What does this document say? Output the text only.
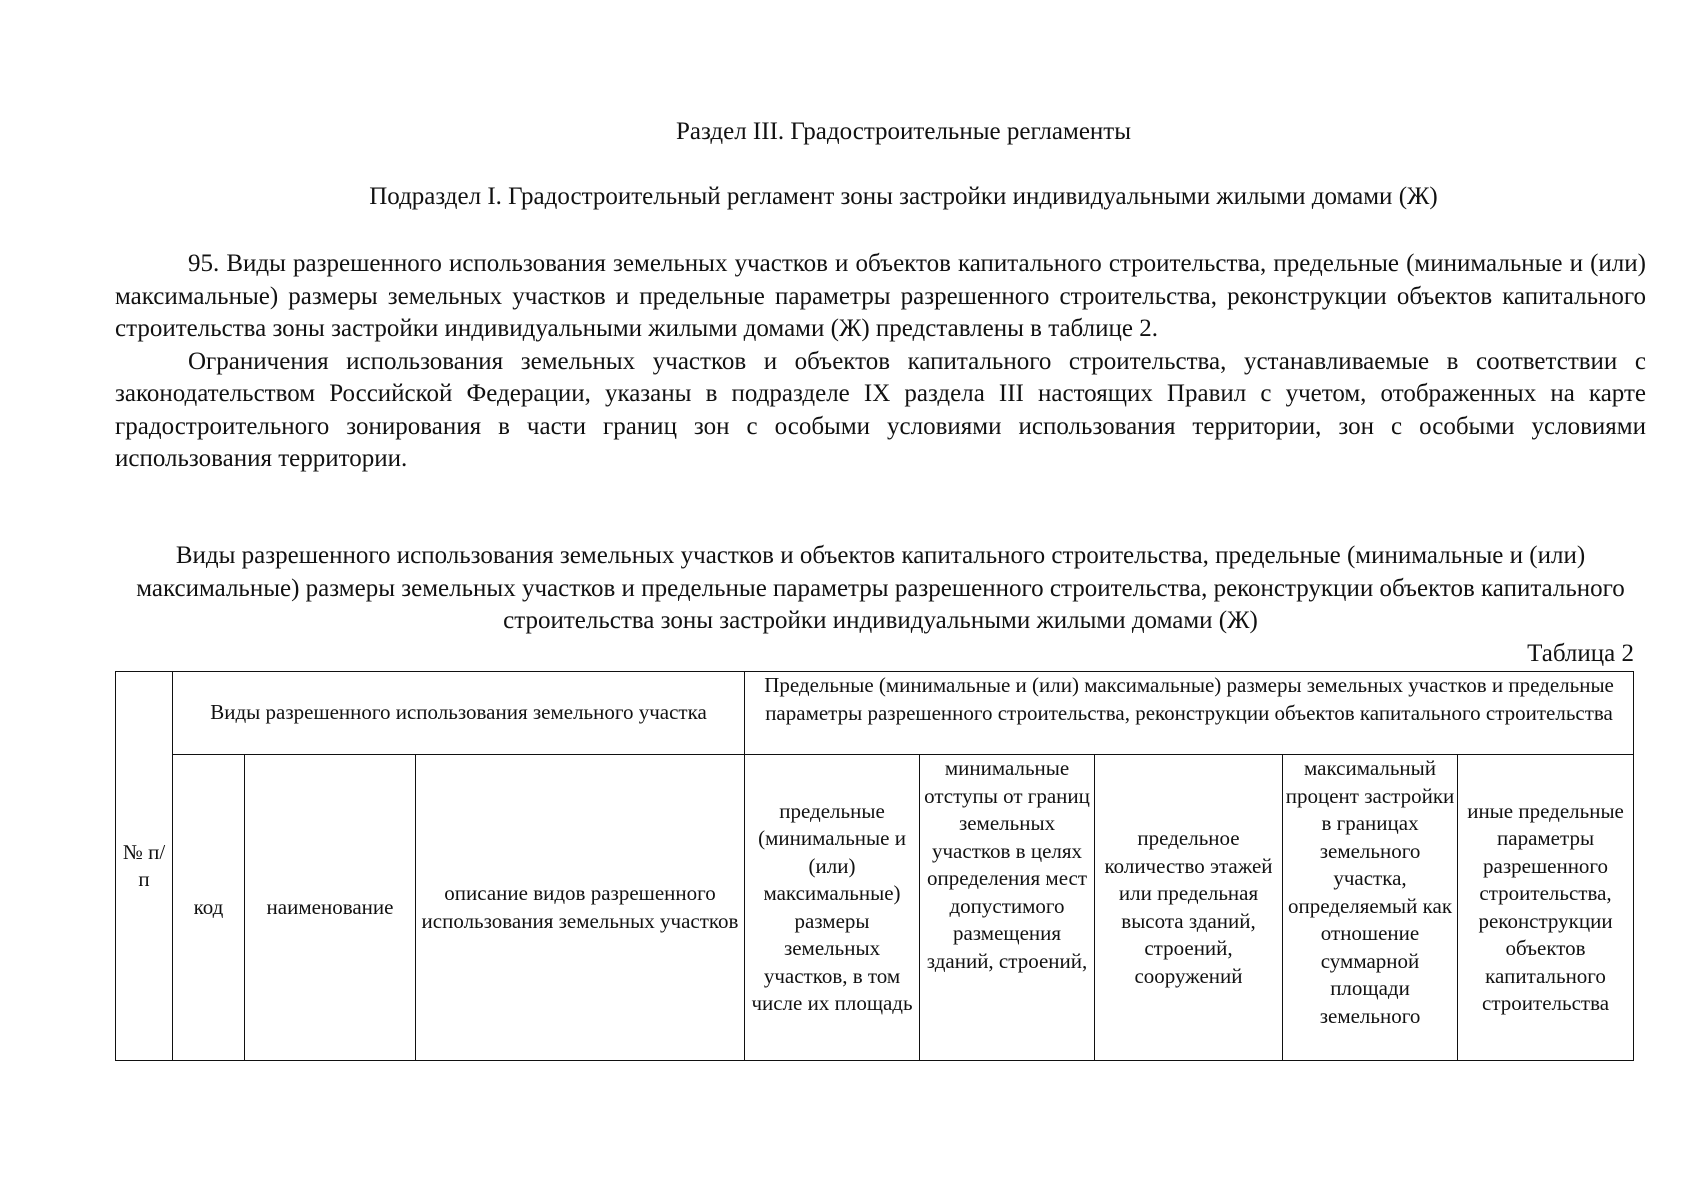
Раздел III. Градостроительные регламенты
Подраздел I. Градостроительный регламент зоны застройки индивидуальными жилыми домами (Ж)

95. Виды разрешенного использования земельных участков и объектов капитального строительства, предельные (минимальные и (или) максимальные) размеры земельных участков и предельные параметры разрешенного строительства, реконструкции объектов капитального строительства зоны застройки индивидуальными жилыми домами (Ж) представлены в таблице 2.

Ограничения использования земельных участков и объектов капитального строительства, устанавливаемые в соответствии с законодательством Российской Федерации, указаны в подразделе IX раздела III настоящих Правил с учетом, отображенных на карте градостроительного зонирования в части границ зон с особыми условиями использования территории, зон с особыми условиями использования территории.

Виды разрешенного использования земельных участков и объектов капитального строительства, предельные (минимальные и (или) максимальные) размеры земельных участков и предельные параметры разрешенного строительства, реконструкции объектов капитального строительства зоны застройки индивидуальными жилыми домами (Ж)
Таблица 2
№ п/п	Виды разрешенного использования земельного участка			Предельные (минимальные и (или) максимальные) размеры земельных участков и предельные параметры разрешенного строительства, реконструкции объектов капитального строительства				
	код	наименование	описание видов разрешенного использования земельных участков	предельные (минимальные и (или) максимальные) размеры земельных участков, в том числе их площадь	минимальные отступы от границ земельных участков в целях определения мест допустимого размещения зданий, строений,	предельное количество этажей или предельная высота зданий, строений, сооружений	максимальный процент застройки в границах земельного участка, определяемый как отношение суммарной площади земельного	иные предельные параметры разрешенного строительства, реконструкции объектов капитального строительства
